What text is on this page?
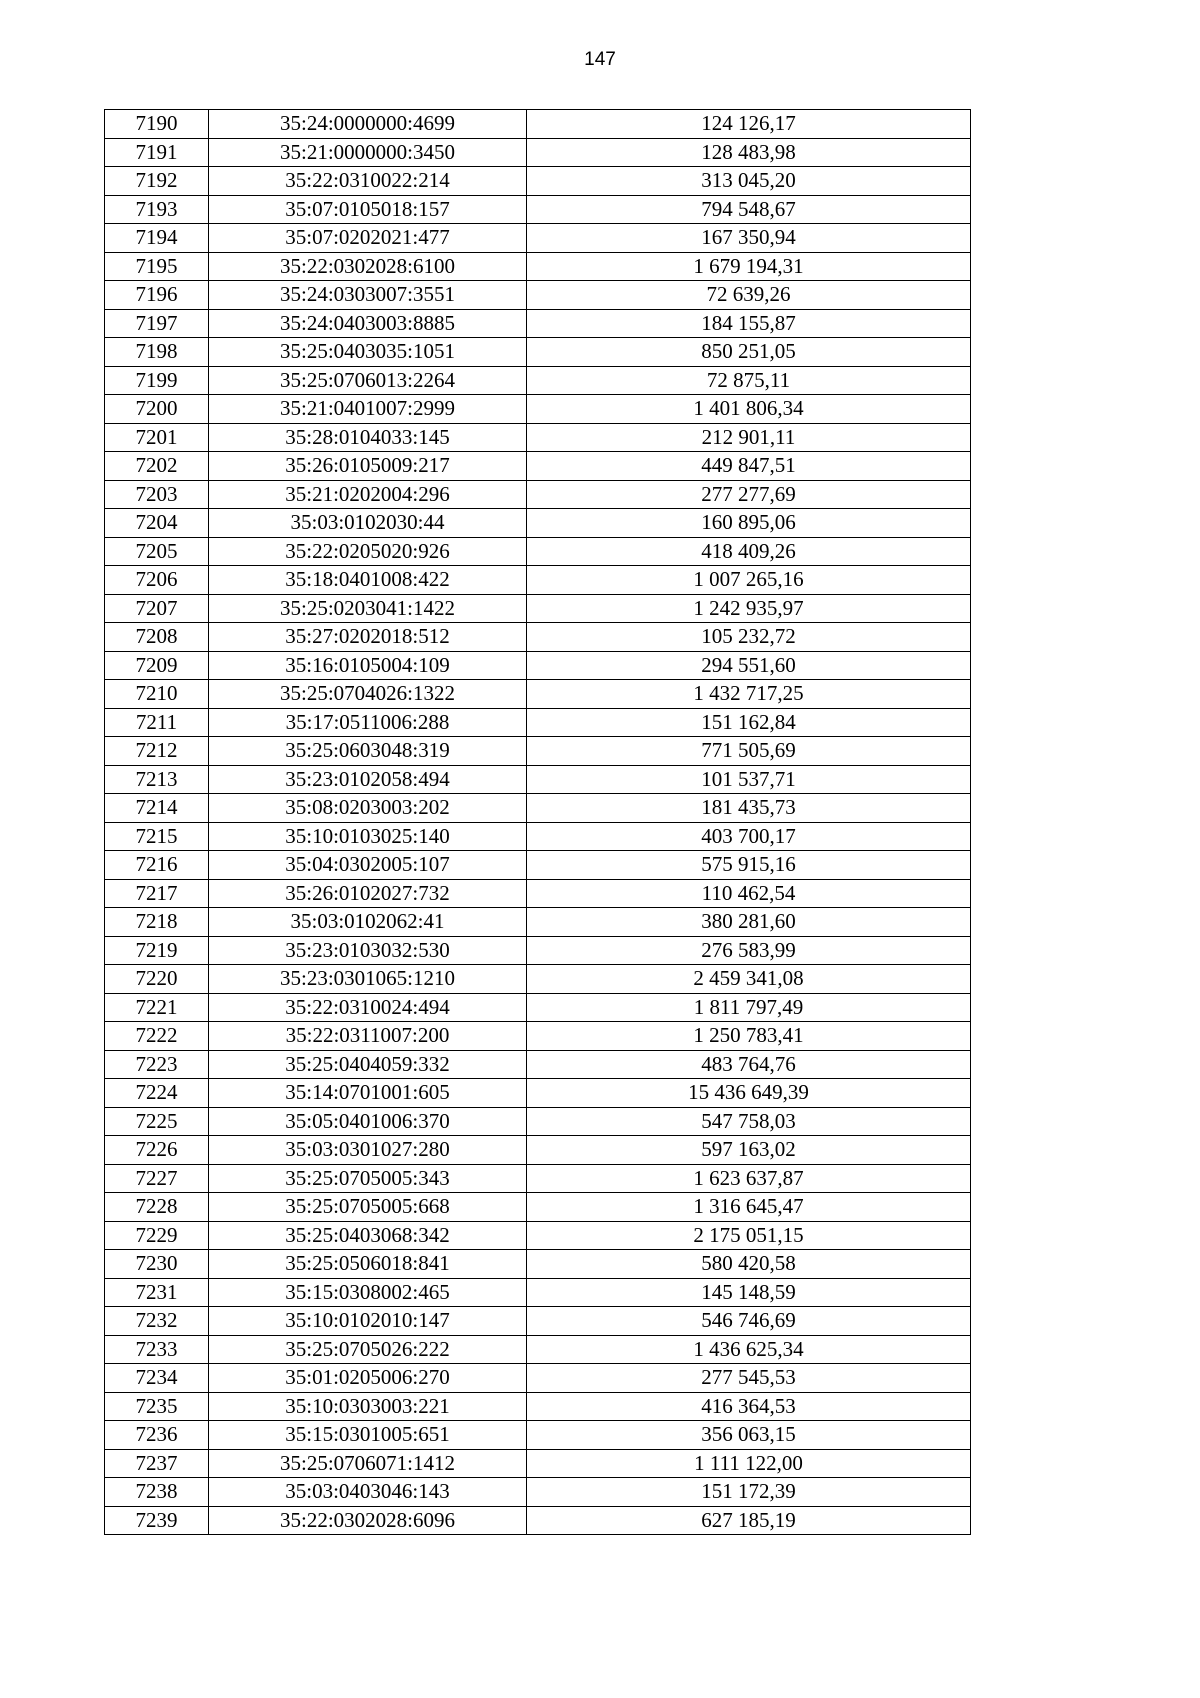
147
7190	35:24:0000000:4699	124 126,17
7191	35:21:0000000:3450	128 483,98
7192	35:22:0310022:214	313 045,20
7193	35:07:0105018:157	794 548,67
7194	35:07:0202021:477	167 350,94
7195	35:22:0302028:6100	1 679 194,31
7196	35:24:0303007:3551	72 639,26
7197	35:24:0403003:8885	184 155,87
7198	35:25:0403035:1051	850 251,05
7199	35:25:0706013:2264	72 875,11
7200	35:21:0401007:2999	1 401 806,34
7201	35:28:0104033:145	212 901,11
7202	35:26:0105009:217	449 847,51
7203	35:21:0202004:296	277 277,69
7204	35:03:0102030:44	160 895,06
7205	35:22:0205020:926	418 409,26
7206	35:18:0401008:422	1 007 265,16
7207	35:25:0203041:1422	1 242 935,97
7208	35:27:0202018:512	105 232,72
7209	35:16:0105004:109	294 551,60
7210	35:25:0704026:1322	1 432 717,25
7211	35:17:0511006:288	151 162,84
7212	35:25:0603048:319	771 505,69
7213	35:23:0102058:494	101 537,71
7214	35:08:0203003:202	181 435,73
7215	35:10:0103025:140	403 700,17
7216	35:04:0302005:107	575 915,16
7217	35:26:0102027:732	110 462,54
7218	35:03:0102062:41	380 281,60
7219	35:23:0103032:530	276 583,99
7220	35:23:0301065:1210	2 459 341,08
7221	35:22:0310024:494	1 811 797,49
7222	35:22:0311007:200	1 250 783,41
7223	35:25:0404059:332	483 764,76
7224	35:14:0701001:605	15 436 649,39
7225	35:05:0401006:370	547 758,03
7226	35:03:0301027:280	597 163,02
7227	35:25:0705005:343	1 623 637,87
7228	35:25:0705005:668	1 316 645,47
7229	35:25:0403068:342	2 175 051,15
7230	35:25:0506018:841	580 420,58
7231	35:15:0308002:465	145 148,59
7232	35:10:0102010:147	546 746,69
7233	35:25:0705026:222	1 436 625,34
7234	35:01:0205006:270	277 545,53
7235	35:10:0303003:221	416 364,53
7236	35:15:0301005:651	356 063,15
7237	35:25:0706071:1412	1 111 122,00
7238	35:03:0403046:143	151 172,39
7239	35:22:0302028:6096	627 185,19
